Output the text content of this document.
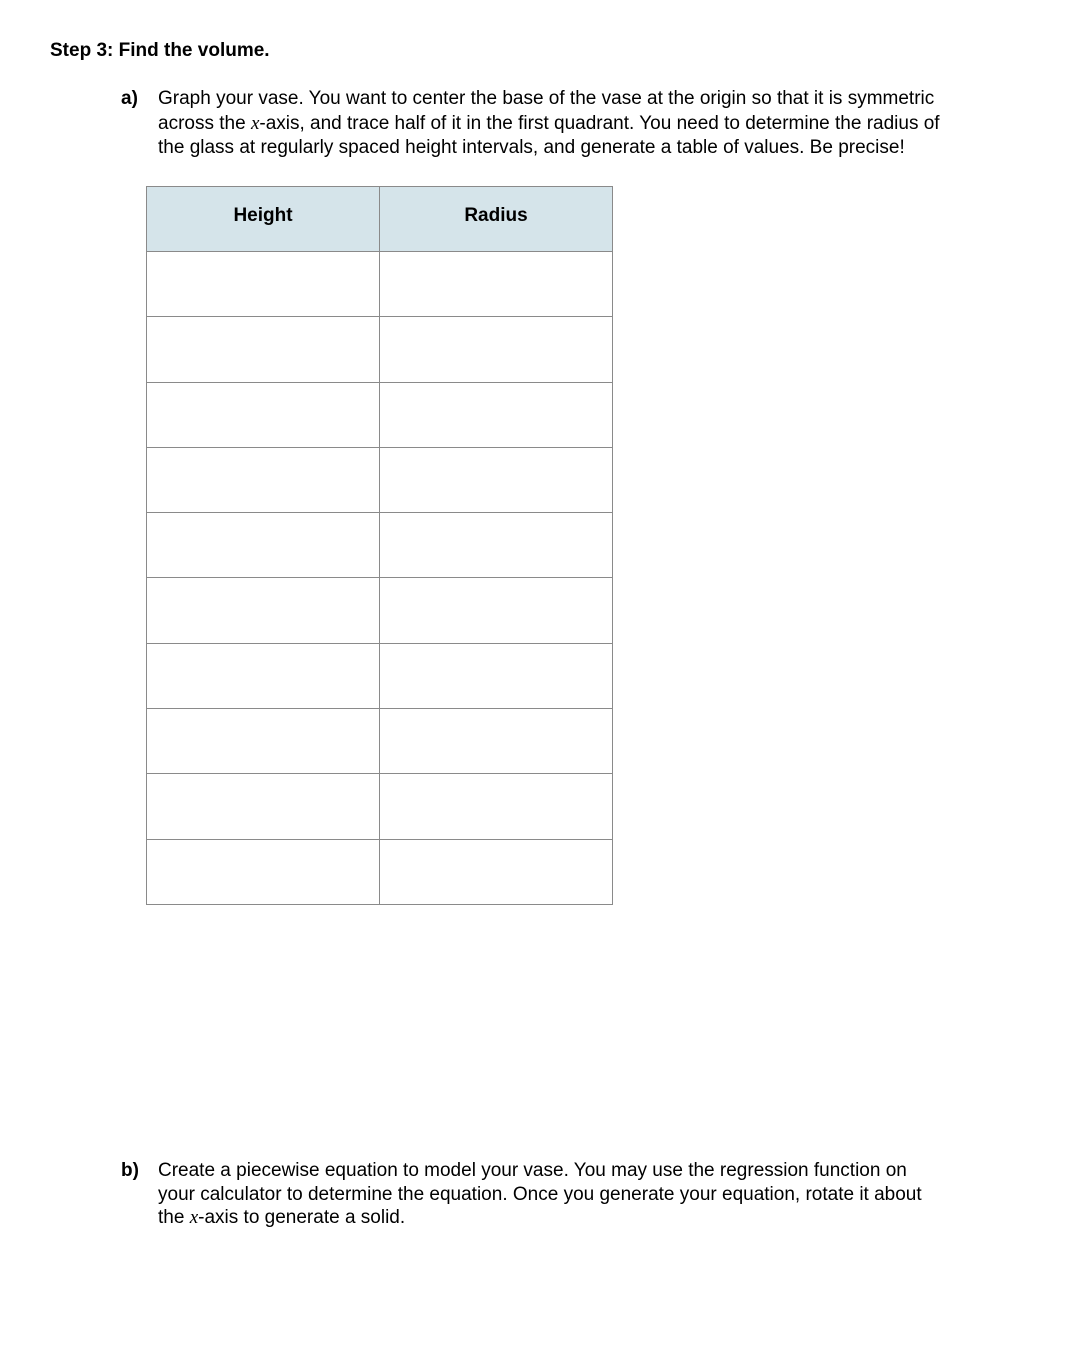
Step 3: Find the volume.
a) Graph your vase. You want to center the base of the vase at the origin so that it is symmetric
across the x-axis, and trace half of it in the first quadrant. You need to determine the radius of
the glass at regularly spaced height intervals, and generate a table of values. Be precise!
Height	Radius

b) Create a piecewise equation to model your vase. You may use the regression function on
your calculator to determine the equation. Once you generate your equation, rotate it about
the x-axis to generate a solid.
